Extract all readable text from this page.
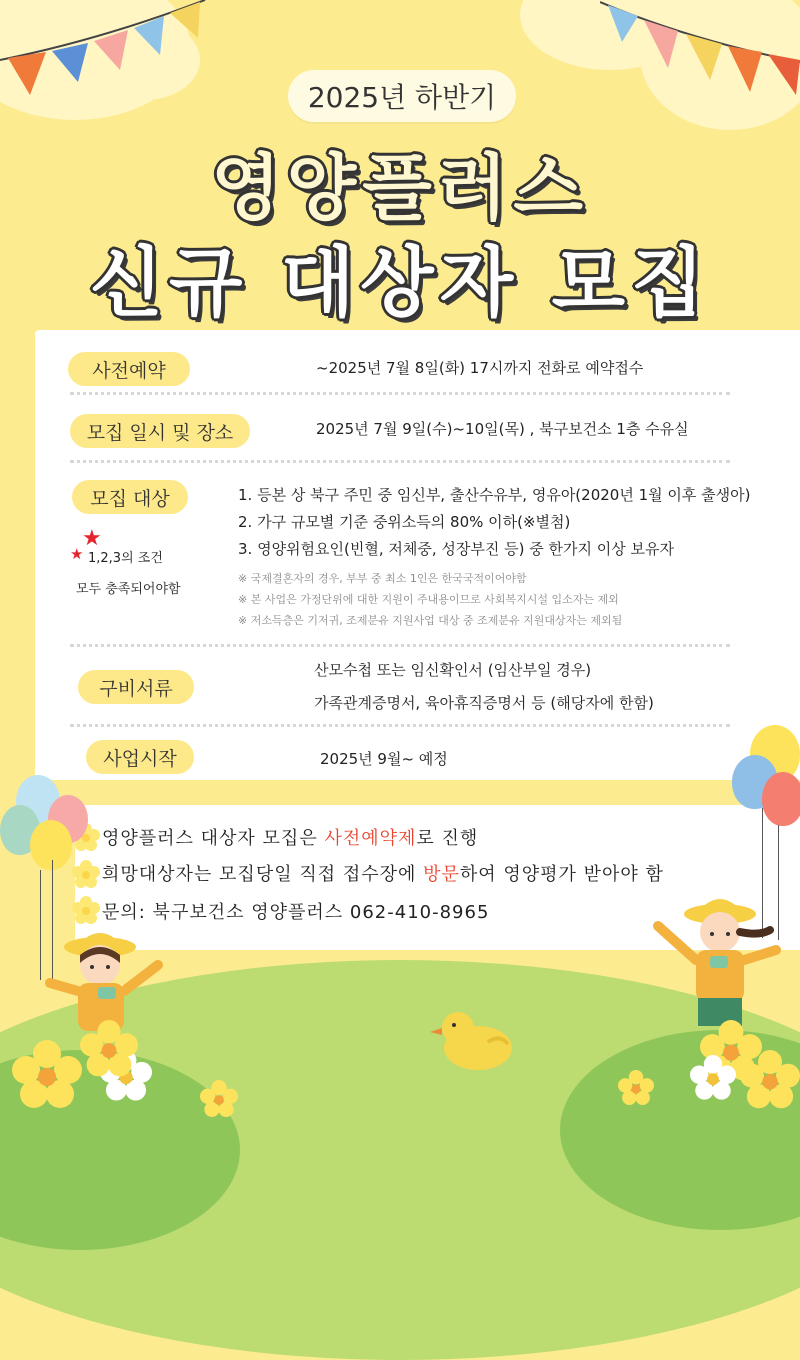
2025년 하반기
영양플러스
신규 대상자 모집
사전예약	~2025년 7월 8일(화) 17시까지 전화로 예약접수
모집 일시 및 장소	2025년 7월 9일(수)~10일(목) , 북구보건소 1층 수유실
모집 대상	1. 등본 상 북구 주민 중 임신부, 출산수유부, 영유아(2020년 1월 이후 출생아)
2. 가구 규모별 기준 중위소득의 80% 이하(※별첨)
3. 영양위험요인(빈혈, 저체중, 성장부진 등) 중 한가지 이상 보유자
★
★ 1,2,3의 조건
모두 충족되어야함
※ 국제결혼자의 경우, 부부 중 최소 1인은 한국국적이어야함
※ 본 사업은 가정단위에 대한 지원이 주내용이므로 사회복지시설 입소자는 제외
※ 저소득층은 기저귀, 조제분유 지원사업 대상 중 조제분유 지원대상자는 제외됨
구비서류
산모수첩 또는 임신확인서 (임산부일 경우)
가족관계증명서, 육아휴직증명서 등 (해당자에 한함)
사업시작	2025년 9월~ 예정
영양플러스 대상자 모집은 사전예약제로 진행
희망대상자는 모집당일 직접 접수장에 방문하여 영양평가 받아야 함
문의: 북구보건소 영양플러스 062-410-8965
